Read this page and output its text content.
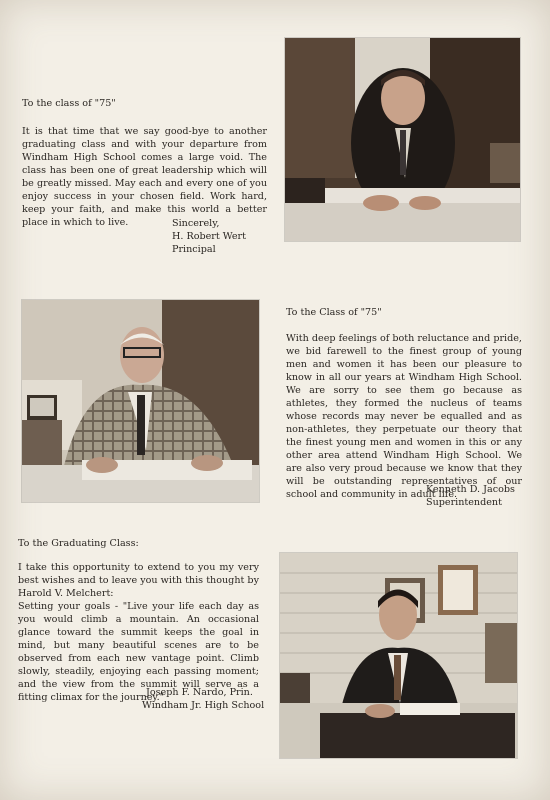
To the class of "75"
It is that time that we say good-bye to another graduating class and with your departure from Windham High School comes a large void. The class has been one of great leadership which will be greatly missed. May each and every one of you enjoy success in your chosen field. Work hard, keep your faith, and make this world a better place in which to live.	Sincerely,
H. Robert Wert
Principal
To the Class of "75"
With deep feelings of both reluctance and pride, we bid farewell to the finest group of young men and women it has been our pleasure to know in all our years at Windham High School. We are sorry to see them go because as athletes, they formed the nucleus of teams whose records may never be equalled and as non-athletes, they perpetuate our theory that the finest young men and women in this or any other area attend Windham High School. We are also very proud because we know that they will be outstanding representatives of our school and community in adult life.
Kenneth D. Jacobs
Superintendent
To the Graduating Class:

I take this opportunity to extend to you my very best wishes and to leave you with this thought by Harold V. Melchert:

Setting your goals - "Live your life each day as you would climb a mountain. An occasional glance toward the summit keeps the goal in mind, but many beautiful scenes are to be observed from each new vantage point. Climb slowly, steadily, enjoying each passing moment; and the view from the summit will serve as a fitting climax for the journey."

Joseph F. Nardo, Prin.
Windham Jr. High School
